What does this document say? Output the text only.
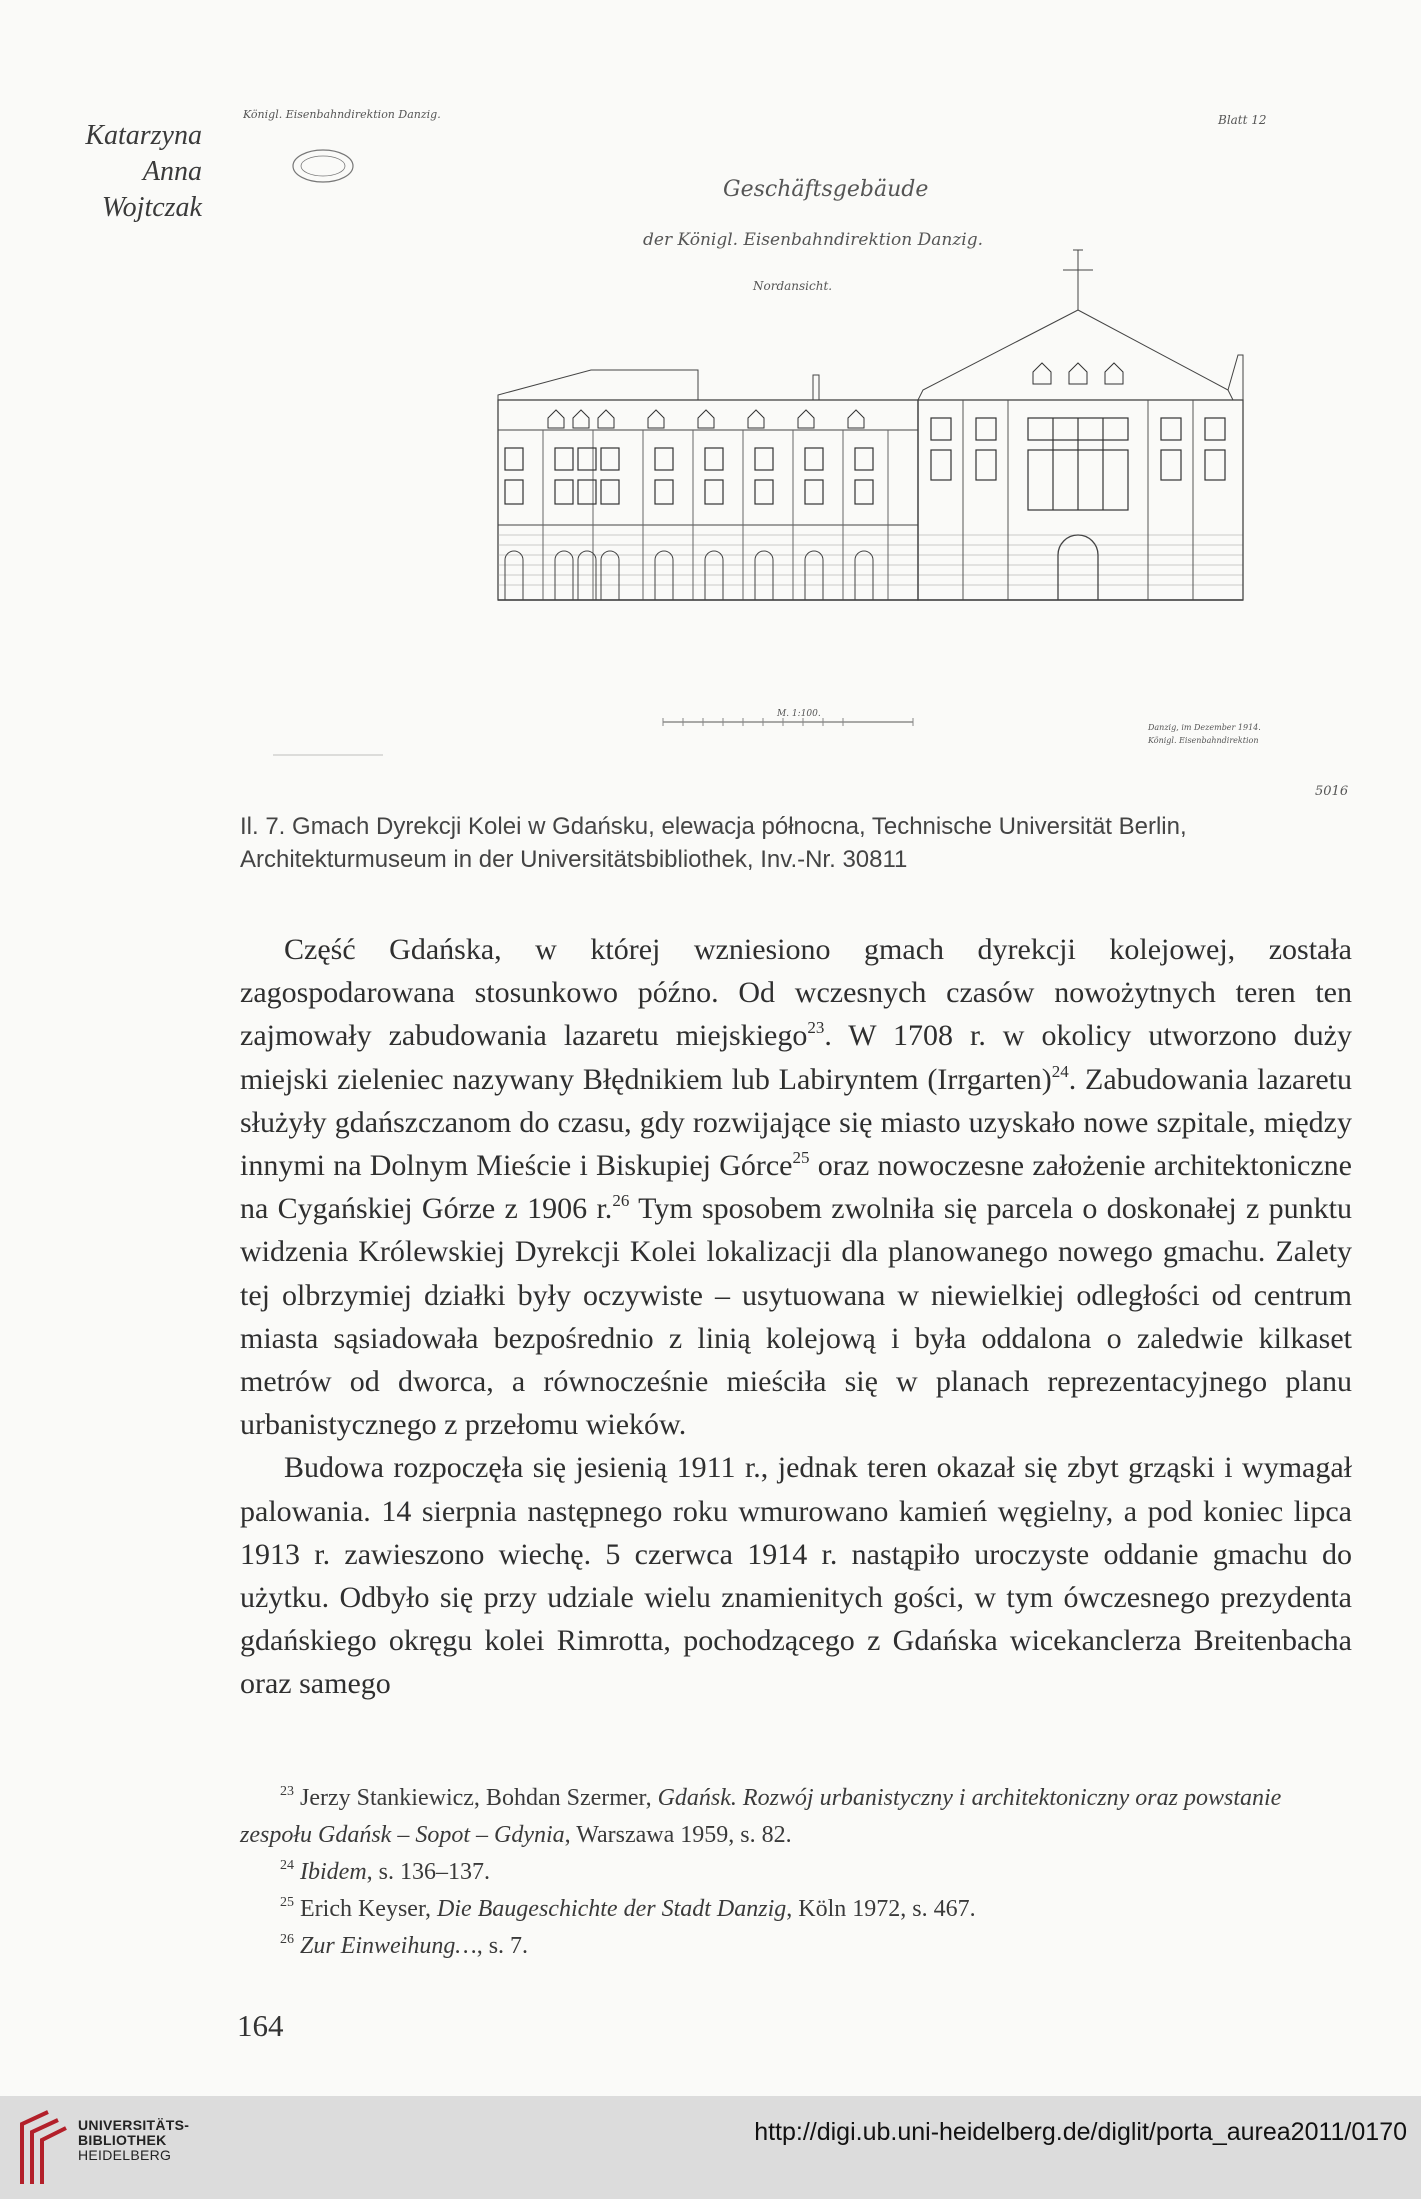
Katarzyna
Anna
Wojtczak
Königl. Eisenbahndirektion Danzig.	Blatt 12
Geschäftsgebäude
der Königl. Eisenbahndirektion Danzig.
Nordansicht.
M. 1:100.
Danzig, im Dezember 1914.
Königl. Eisenbahndirektion
5016

Il. 7. Gmach Dyrekcji Kolei w Gdańsku, elewacja północna, Technische Universität Berlin,
Architekturmuseum in der Universitätsbibliothek, Inv.-Nr. 30811

Część Gdańska, w której wzniesiono gmach dyrekcji kolejowej, została zagospodarowana stosunkowo późno. Od wczesnych czasów nowożytnych teren ten zajmowały zabudowania lazaretu miejskiego$^{23}$. W 1708 r. w okolicy utworzono duży miejski zieleniec nazywany Błędnikiem lub Labiryntem (Irrgarten)$^{24}$. Zabudowania lazaretu służyły gdańszczanom do czasu, gdy rozwijające się miasto uzyskało nowe szpitale, między innymi na Dolnym Mieście i Biskupiej Górce$^{25}$ oraz nowoczesne założenie architektoniczne na Cygańskiej Górze z 1906 r.$^{26}$ Tym sposobem zwolniła się parcela o doskonałej z punktu widzenia Królewskiej Dyrekcji Kolei lokalizacji dla planowanego nowego gmachu. Zalety tej olbrzymiej działki były oczywiste – usytuowana w niewielkiej odległości od centrum miasta sąsiadowała bezpośrednio z linią kolejową i była oddalona o zaledwie kilkaset metrów od dworca, a równocześnie mieściła się w planach reprezentacyjnego planu urbanistycznego z przełomu wieków.

Budowa rozpoczęła się jesienią 1911 r., jednak teren okazał się zbyt grząski i wymagał palowania. 14 sierpnia następnego roku wmurowano kamień węgielny, a pod koniec lipca 1913 r. zawieszono wiechę. 5 czerwca 1914 r. nastąpiło uroczyste oddanie gmachu do użytku. Odbyło się przy udziale wielu znamienitych gości, w tym ówczesnego prezydenta gdańskiego okręgu kolei Rimrotta, pochodzącego z Gdańska wicekanclerza Breitenbacha oraz samego

$^{23}$ Jerzy Stankiewicz, Bohdan Szermer, Gdańsk. Rozwój urbanistyczny i architektoniczny oraz powstanie zespołu Gdańsk – Sopot – Gdynia, Warszawa 1959, s. 82.

$^{24}$ Ibidem, s. 136–137.

$^{25}$ Erich Keyser, Die Baugeschichte der Stadt Danzig, Köln 1972, s. 467.

$^{26}$ Zur Einweihung…, s. 7.

164
UNIVERSITÄTS-
BIBLIOTHEK
HEIDELBERG
http://digi.ub.uni-heidelberg.de/diglit/porta_aurea2011/0170
